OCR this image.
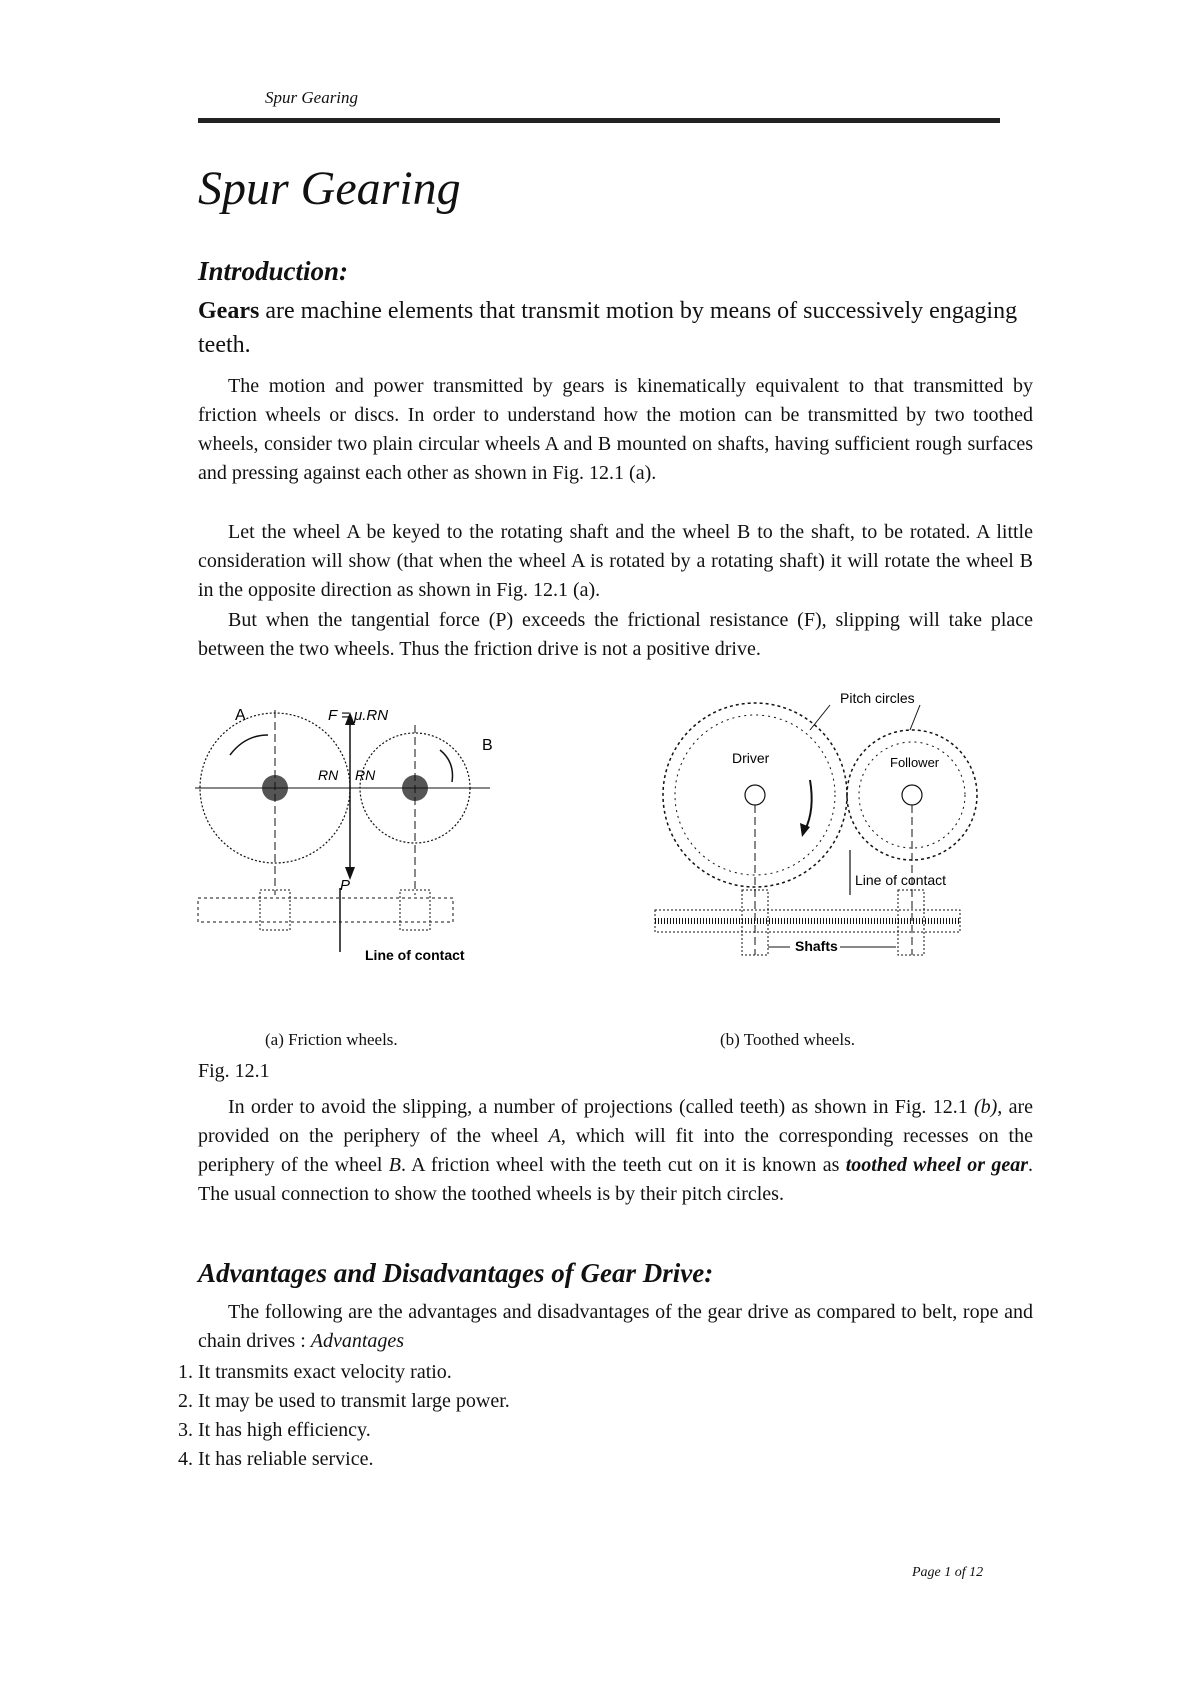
Spur Gearing
Spur Gearing
Introduction:
Gears are machine elements that transmit motion by means of successively engaging teeth.
The motion and power transmitted by gears is kinematically equivalent to that transmitted by friction wheels or discs. In order to understand how the motion can be transmitted by two toothed wheels, consider two plain circular wheels A and B mounted on shafts, having sufficient rough surfaces and pressing against each other as shown in Fig. 12.1 (a).
Let the wheel A be keyed to the rotating shaft and the wheel B to the shaft, to be rotated. A little consideration will show (that when the wheel A is rotated by a rotating shaft) it will rotate the wheel B in the opposite direction as shown in Fig. 12.1 (a).
But when the tangential force (P) exceeds the frictional resistance (F), slipping will take place between the two wheels. Thus the friction drive is not a positive drive.
A
B
F = μ.RN
RN RN
P
Line of contact
(a) Friction wheels.
Pitch circles
Driver	Follower
Line of contact
Shafts
(b) Toothed wheels.
Fig. 12.1
In order to avoid the slipping, a number of projections (called teeth) as shown in Fig. 12.1 (b), are provided on the periphery of the wheel A, which will fit into the corresponding recesses on the periphery of the wheel B. A friction wheel with the teeth cut on it is known as toothed wheel or gear. The usual connection to show the toothed wheels is by their pitch circles.
Advantages and Disadvantages of Gear Drive:
The following are the advantages and disadvantages of the gear drive as compared to belt, rope and chain drives : Advantages
1. It transmits exact velocity ratio.
2. It may be used to transmit large power.
3. It has high efficiency.
4. It has reliable service.
Page 1 of 12
